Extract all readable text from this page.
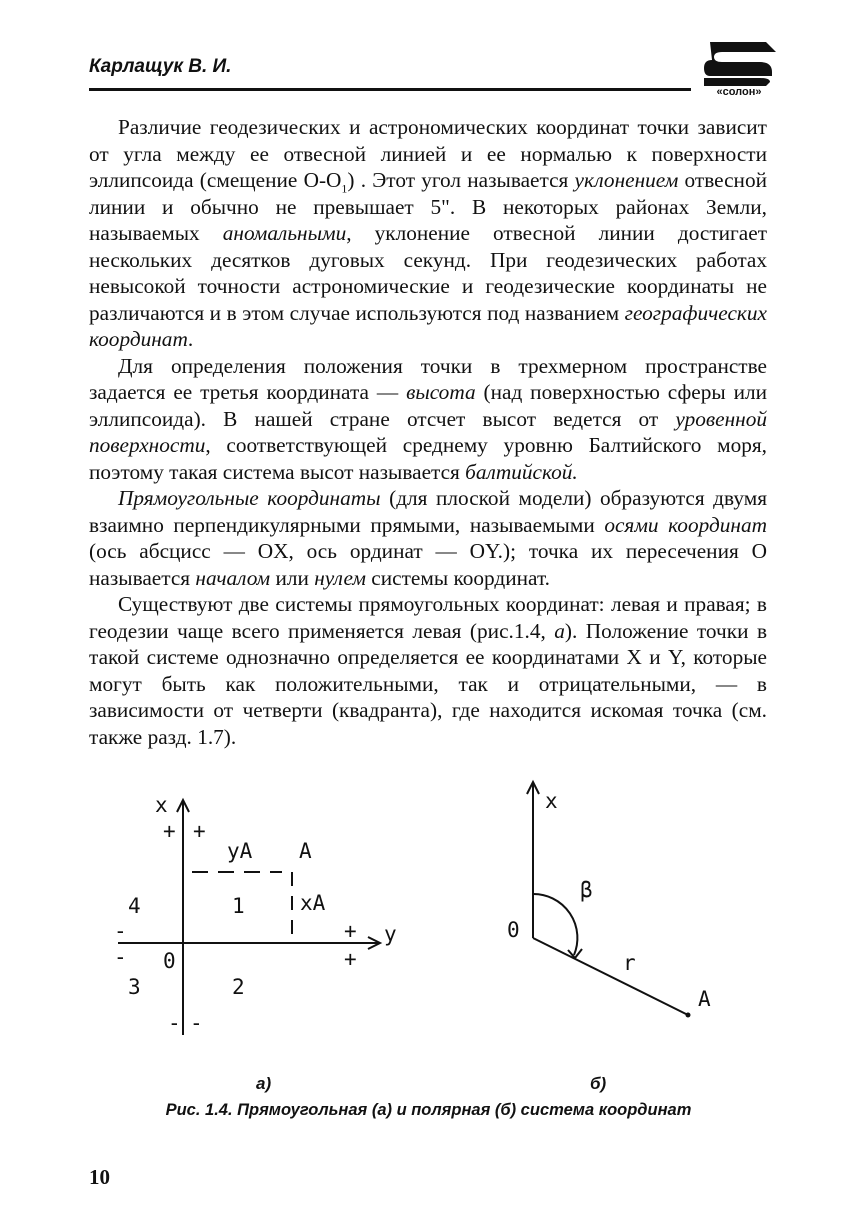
Карлащук В. И.
«солон»

Различие геодезических и астрономических координат точки зависит от угла между ее отвесной линией и ее нормалью к поверхности эллипсоида (смещение $O-O_1$) . Этот угол называется уклонением отвесной линии и обычно не превышает 5". В некоторых районах Земли, называемых аномальными, уклонение отвесной линии достигает нескольких десятков дуговых секунд. При геодезических работах невысокой точности астрономические и геодезические координаты не различаются и в этом случае используются под названием географических координат.

Для определения положения точки в трехмерном пространстве задается ее третья координата — высота (над поверхностью сферы или эллипсоида). В нашей стране отсчет высот ведется от уровенной поверхности, соответствующей среднему уровню Балтийского моря, поэтому такая система высот называется балтийской.

Прямоугольные координаты (для плоской модели) образуются двумя взаимно перпендикулярными прямыми, называемыми осями координат (ось абсцисс — OX, ось ординат — OY.); точка их пересечения О называется началом или нулем системы координат.

Существуют две системы прямоугольных координат: левая и правая; в геодезии чаще всего применяется левая (рис.1.4, а). Положение точки в такой системе однозначно определяется ее координатами X и Y, которые могут быть как положительными, так и отрицательными, — в зависимости от четверти (квадранта), где находится искомая точка (см. также разд. 1.7).

x
+ +
yA A
4	1	xA
-	+ y
- 0	+
3	2
- -
x
β
0
r
A
а)	б)
Рис. 1.4. Прямоугольная (а) и полярная (б) система координат
10
